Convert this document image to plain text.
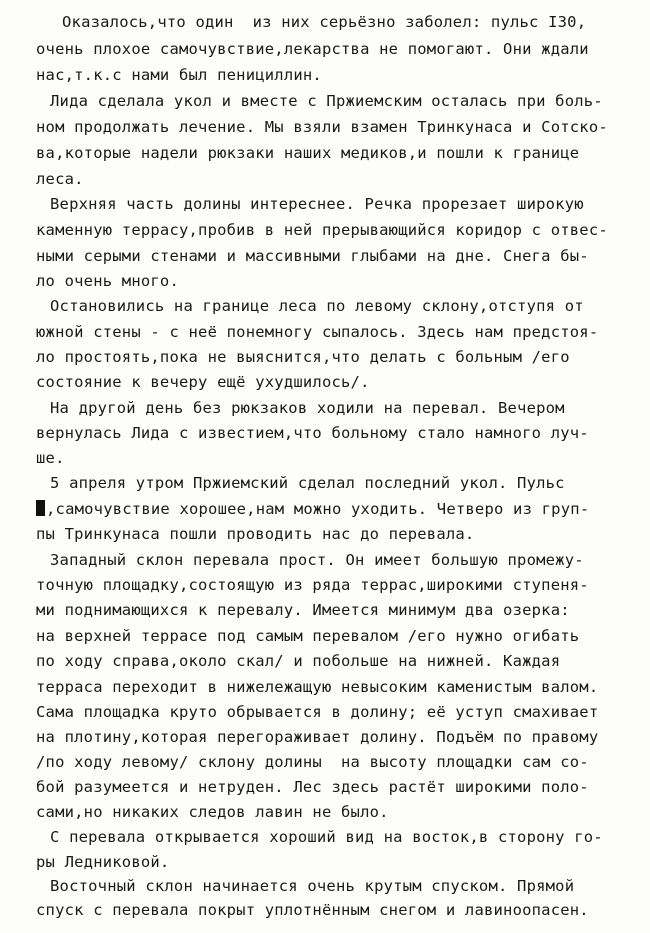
Оказалось,что один  из них серьёзно заболел: пульс I30,
очень плохое самочувствие,лекарства не помогают. Они ждали
нас,т.к.с нами был пенициллин.
Лида сделала укол и вместе с Пржиемским осталась при боль-
ном продолжать лечение. Мы взяли взамен Тринкунаса и Сотско-
ва,которые надели рюкзаки наших медиков,и пошли к границе
леса.
Верхняя часть долины интереснее. Речка прорезает широкую
каменную террасу,пробив в ней прерывающийся коридор с отвес-
ными серыми стенами и массивными глыбами на дне. Снега бы-
ло очень много.
Остановились на границе леса по левому склону,отступя от
южной стены - с неё понемногу сыпалось. Здесь нам предстоя-
ло простоять,пока не выяснится,что делать с больным /его
состояние к вечеру ещё ухудшилось/.
На другой день без рюкзаков ходили на перевал. Вечером
вернулась Лида с известием,что больному стало намного луч-
ше.
5 апреля утром Пржиемский сделал последний укол. Пульс
,самочувствие хорошее,нам можно уходить. Четверо из груп-
пы Тринкунаса пошли проводить нас до перевала.
Западный склон перевала прост. Он имеет большую промежу-
точную площадку,состоящую из ряда террас,широкими ступеня-
ми поднимающихся к перевалу. Имеется минимум два озерка:
на верхней террасе под самым перевалом /его нужно огибать
по ходу справа,около скал/ и побольше на нижней. Каждая
терраса переходит в нижележащую невысоким каменистым валом.
Сама площадка круто обрывается в долину; её уступ смахивает
на плотину,которая перегораживает долину. Подъём по правому
/по ходу левому/ склону долины  на высоту площадки сам со-
бой разумеется и нетруден. Лес здесь растёт широкими поло-
сами,но никаких следов лавин не было.
С перевала открывается хороший вид на восток,в сторону го-
ры Ледниковой.
Восточный склон начинается очень крутым спуском. Прямой
спуск с перевала покрыт уплотнённым снегом и лавиноопасен.
